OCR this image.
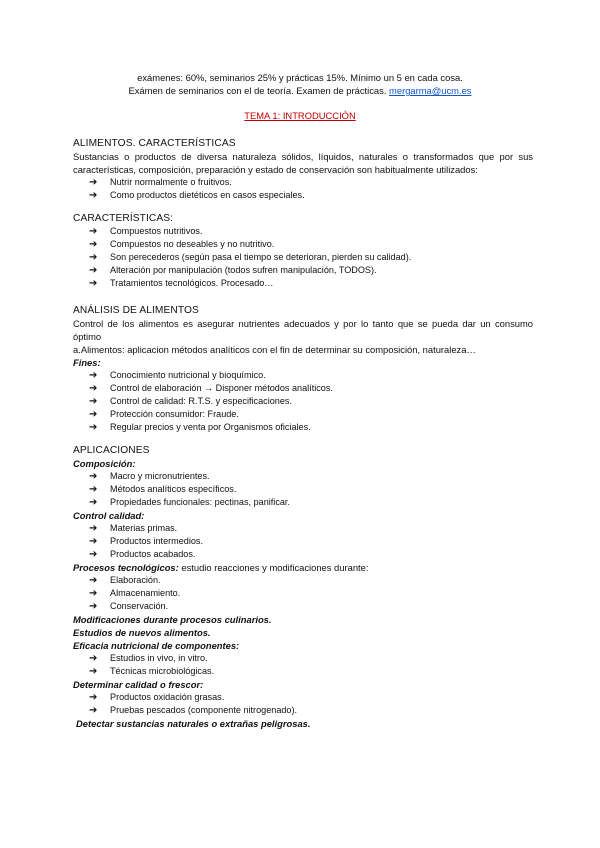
exámenes: 60%, seminarios 25% y prácticas 15%. Mínimo un 5 en cada cosa.
Exámen de seminarios con el de teoría. Examen de prácticas. mergarma@ucm.es
TEMA 1: INTRODUCCIÓN
ALIMENTOS. CARACTERÍSTICAS
Sustancias o productos de diversa naturaleza sólidos, líquidos, naturales o transformados que por sus características, composición, preparación y estado de conservación son habitualmente utilizados:
➔ Nutrir normalmente o fruitivos.
➔ Como productos dietéticos en casos especiales.
CARACTERÍSTICAS:
➔ Compuestos nutritivos.
➔ Compuestos no deseables y no nutritivo.
➔ Son perecederos (según pasa el tiempo se deterioran, pierden su calidad).
➔ Alteración por manipulación (todos sufren manipulación, TODOS).
➔ Tratamientos tecnológicos. Procesado…
ANÁLISIS DE ALIMENTOS
Control de los alimentos es asegurar nutrientes adecuados y por lo tanto que se pueda dar un consumo óptimo
a.Alimentos: aplicacion métodos analíticos con el fin de determinar su composición, naturaleza…
Fines:
➔ Conocimiento nutricional y bioquímico.
➔ Control de elaboración → Disponer métodos analíticos.
➔ Control de calidad: R.T.S. y especificaciones.
➔ Protección consumidor: Fraude.
➔ Regular precios y venta por Organismos oficiales.
APLICACIONES
Composición:
➔ Macro y micronutrientes.
➔ Métodos analíticos específicos.
➔ Propiedades funcionales: pectinas, panificar.
Control calidad:
➔ Materias primas.
➔ Productos intermedios.
➔ Productos acabados.
Procesos tecnológicos: estudio reacciones y modificaciones durante:
➔ Elaboración.
➔ Almacenamiento.
➔ Conservación.
Modificaciones durante procesos culinarios.
Estudios de nuevos alimentos.
Eficacia nutricional de componentes:
➔ Estudios in vivo, in vitro.
➔ Técnicas microbiológicas.
Determinar calidad o frescor:
➔ Productos oxidación grasas.
➔ Pruebas pescados (componente nitrogenado).
Detectar sustancias naturales o extrañas peligrosas.
